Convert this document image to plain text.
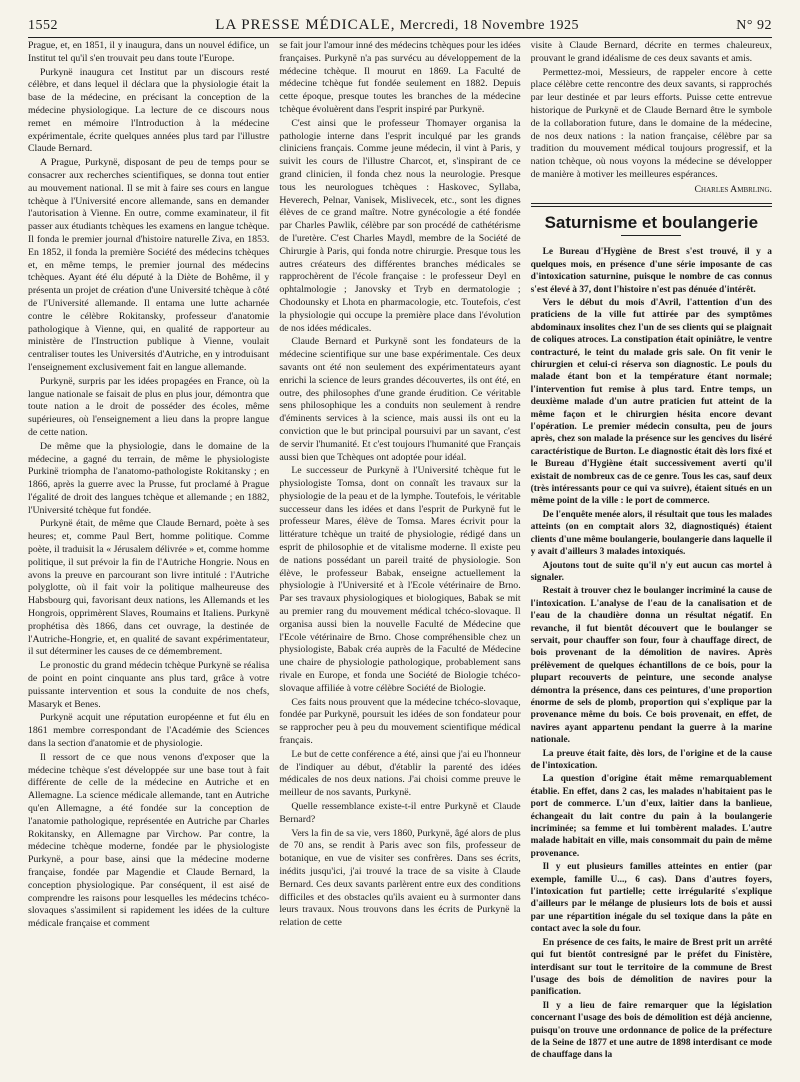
1552	LA PRESSE MÉDICALE, Mercredi, 18 Novembre 1925	N° 92

Prague, et, en 1851, il y inaugura, dans un nouvel édifice, un Institut tel qu'il s'en trouvait peu dans toute l'Europe.

Purkynë inaugura cet Institut par un discours resté célèbre, et dans lequel il déclara que la physiologie était la base de la médecine, en précisant la conception de la médecine physiologique. La lecture de ce discours nous remet en mémoire l'Introduction à la médecine expérimentale, écrite quelques années plus tard par l'illustre Claude Bernard.

A Prague, Purkynë, disposant de peu de temps pour se consacrer aux recherches scientifiques, se donna tout entier au mouvement national. Il se mit à faire ses cours en langue tchèque à l'Université encore allemande, sans en demander l'autorisation à Vienne. En outre, comme examinateur, il fit passer aux étudiants tchèques les examens en langue tchèque. Il fonda le premier journal d'histoire naturelle Ziva, en 1853. En 1852, il fonda la première Société des médecins tchèques et, en même temps, le premier journal des médecins tchèques. Ayant été élu député à la Diète de Bohême, il y présenta un projet de création d'une Université tchèque à côté de l'Université allemande. Il entama une lutte acharnée contre le célèbre Rokitansky, professeur d'anatomie pathologique à Vienne, qui, en qualité de rapporteur au ministère de l'Instruction publique à Vienne, voulait centraliser toutes les Universités d'Autriche, en y introduisant l'enseignement exclusivement fait en langue allemande.

Purkynë, surpris par les idées propagées en France, où la langue nationale se faisait de plus en plus jour, démontra que toute nation a le droit de posséder des écoles, même supérieures, où l'enseignement a lieu dans la propre langue de cette nation.

De même que la physiologie, dans le domaine de la médecine, a gagné du terrain, de même le physiologiste Purkinë triompha de l'anatomo-pathologiste Rokitansky ; en 1866, après la guerre avec la Prusse, fut proclamé à Prague l'égalité de droit des langues tchèque et allemande ; en 1882, l'Université tchèque fut fondée.

Purkynë était, de même que Claude Bernard, poète à ses heures; et, comme Paul Bert, homme politique. Comme poète, il traduisit la « Jérusalem délivrée » et, comme homme politique, il sut prévoir la fin de l'Autriche Hongrie. Nous en avons la preuve en parcourant son livre intitulé : l'Autriche polyglotte, où il fait voir la politique malheureuse des Habsbourg qui, favorisant deux nations, les Allemands et les Hongrois, opprimèrent Slaves, Roumains et Italiens. Purkynë prophétisa dès 1866, dans cet ouvrage, la destinée de l'Autriche-Hongrie, et, en qualité de savant expérimentateur, il sut déterminer les causes de ce démembrement.

Le pronostic du grand médecin tchèque Purkynë se réalisa de point en point cinquante ans plus tard, grâce à votre puissante intervention et sous la conduite de nos chefs, Masaryk et Benes.

Purkynë acquit une réputation européenne et fut élu en 1861 membre correspondant de l'Académie des Sciences dans la section d'anatomie et de physiologie.

Il ressort de ce que nous venons d'exposer que la médecine tchèque s'est développée sur une base tout à fait différente de celle de la médecine en Autriche et en Allemagne. La science médicale allemande, tant en Autriche qu'en Allemagne, a été fondée sur la conception de l'anatomie pathologique, représentée en Autriche par Charles Rokitansky, en Allemagne par Virchow. Par contre, la médecine tchèque moderne, fondée par le physiologiste Purkynë, a pour base, ainsi que la médecine moderne française, fondée par Magendie et Claude Bernard, la conception physiologique. Par conséquent, il est aisé de comprendre les raisons pour lesquelles les médecins tchéco-slovaques s'assimilent si rapidement les idées de la culture médicale française et comment

se fait jour l'amour inné des médecins tchèques pour les idées françaises. Purkynë n'a pas survécu au développement de la médecine tchèque. Il mourut en 1869. La Faculté de médecine tchèque fut fondée seulement en 1882. Depuis cette époque, presque toutes les branches de la médecine tchèque évoluèrent dans l'esprit inspiré par Purkynë.

C'est ainsi que le professeur Thomayer organisa la pathologie interne dans l'esprit inculqué par les grands cliniciens français. Comme jeune médecin, il vint à Paris, y suivit les cours de l'illustre Charcot, et, s'inspirant de ce grand clinicien, il fonda chez nous la neurologie. Presque tous les neurologues tchèques : Haskovec, Syllaba, Heverech, Pelnar, Vanisek, Mislivecek, etc., sont les dignes élèves de ce grand maître. Notre gynécologie a été fondée par Charles Pawlik, célèbre par son procédé de cathétérisme de l'uretère. C'est Charles Maydl, membre de la Société de Chirurgie à Paris, qui fonda notre chirurgie. Presque tous les autres créateurs des différentes branches médicales se rapprochèrent de l'école française : le professeur Deyl en ophtalmologie ; Janovsky et Tryb en dermatologie ; Chodounsky et Lhota en pharmacologie, etc. Toutefois, c'est la physiologie qui occupe la première place dans l'évolution de nos idées médicales.

Claude Bernard et Purkynë sont les fondateurs de la médecine scientifique sur une base expérimentale. Ces deux savants ont été non seulement des expérimentateurs ayant enrichi la science de leurs grandes découvertes, ils ont été, en outre, des philosophes d'une grande érudition. Ce véritable sens philosophique les a conduits non seulement à rendre d'éminents services à la science, mais aussi ils ont eu la conviction que le but principal poursuivi par un savant, c'est de servir l'humanité. Et c'est toujours l'humanité que Français aussi bien que Tchèques ont adoptée pour idéal.

Le successeur de Purkynë à l'Université tchèque fut le physiologiste Tomsa, dont on connaît les travaux sur la physiologie de la peau et de la lymphe. Toutefois, le véritable successeur dans les idées et dans l'esprit de Purkynë fut le professeur Mares, élève de Tomsa. Mares écrivit pour la littérature tchèque un traité de physiologie, rédigé dans un esprit de philosophie et de vitalisme moderne. Il existe peu de nations possédant un pareil traité de physiologie. Son élève, le professeur Babak, enseigne actuellement la physiologie à l'Université et à l'Ecole vétérinaire de Brno. Par ses travaux physiologiques et biologiques, Babak se mit au premier rang du mouvement médical tchéco-slovaque. Il organisa aussi bien la nouvelle Faculté de Médecine que l'Ecole vétérinaire de Brno. Chose compréhensible chez un physiologiste, Babak créa auprès de la Faculté de Médecine une chaire de physiologie pathologique, probablement sans rivale en Europe, et fonda une Société de Biologie tchéco-slovaque affiliée à votre célèbre Société de Biologie.

Ces faits nous prouvent que la médecine tchéco-slovaque, fondée par Purkynë, poursuit les idées de son fondateur pour se rapprocher peu à peu du mouvement scientifique médical français.

Le but de cette conférence a été, ainsi que j'ai eu l'honneur de l'indiquer au début, d'établir la parenté des idées médicales de nos deux nations. J'ai choisi comme preuve le meilleur de nos savants, Purkynë.

Quelle ressemblance existe-t-il entre Purkynë et Claude Bernard?

Vers la fin de sa vie, vers 1860, Purkynë, âgé alors de plus de 70 ans, se rendit à Paris avec son fils, professeur de botanique, en vue de visiter ses confrères. Dans ses écrits, inédits jusqu'ici, j'ai trouvé la trace de sa visite à Claude Bernard. Ces deux savants parlèrent entre eux des conditions difficiles et des obstacles qu'ils avaient eu à surmonter dans leurs travaux. Nous trouvons dans les écrits de Purkynë la relation de cette

visite à Claude Bernard, décrite en termes chaleureux, prouvant le grand idéalisme de ces deux savants et amis.

Permettez-moi, Messieurs, de rappeler encore à cette place célèbre cette rencontre des deux savants, si rapprochés par leur destinée et par leurs efforts. Puisse cette entrevue historique de Purkynë et de Claude Bernard être le symbole de la collaboration future, dans le domaine de la médecine, de nos deux nations : la nation française, célèbre par sa tradition du mouvement médical toujours progressif, et la nation tchèque, où nous voyons la médecine se développer de manière à motiver les meilleures espérances.

Charles Ambrling.
Saturnisme et boulangerie

Le Bureau d'Hygiène de Brest s'est trouvé, il y a quelques mois, en présence d'une série imposante de cas d'intoxication saturnine, puisque le nombre de cas connus s'est élevé à 37, dont l'histoire n'est pas dénuée d'intérêt.

Vers le début du mois d'Avril, l'attention d'un des praticiens de la ville fut attirée par des symptômes abdominaux insolites chez l'un de ses clients qui se plaignait de coliques atroces. La constipation était opiniâtre, le ventre contracturé, le teint du malade gris sale. On fit venir le chirurgien et celui-ci réserva son diagnostic. Le pouls du malade étant bon et la température étant normale; l'intervention fut remise à plus tard. Entre temps, un deuxième malade d'un autre praticien fut atteint de la même façon et le chirurgien hésita encore devant l'opération. Le premier médecin consulta, peu de jours après, chez son malade la présence sur les gencives du liséré caractéristique de Burton. Le diagnostic était dès lors fixé et le Bureau d'Hygiène était successivement averti qu'il existait de nombreux cas de ce genre. Tous les cas, sauf deux (très intéressants pour ce qui va suivre), étaient situés en un même point de la ville : le port de commerce.

De l'enquête menée alors, il résultait que tous les malades atteints (on en comptait alors 32, diagnostiqués) étaient clients d'une même boulangerie, boulangerie dans laquelle il y avait d'ailleurs 3 malades intoxiqués.

Ajoutons tout de suite qu'il n'y eut aucun cas mortel à signaler.

Restait à trouver chez le boulanger incriminé la cause de l'intoxication. L'analyse de l'eau de la canalisation et de l'eau de la chaudière donna un résultat négatif. En revanche, il fut bientôt découvert que le boulanger se servait, pour chauffer son four, four à chauffage direct, de bois provenant de la démolition de navires. Après prélèvement de quelques échantillons de ce bois, pour la plupart recouverts de peinture, une seconde analyse démontra la présence, dans ces peintures, d'une proportion énorme de sels de plomb, proportion qui s'explique par la provenance même du bois. Ce bois provenait, en effet, de navires ayant appartenu pendant la guerre à la marine nationale.

La preuve était faite, dès lors, de l'origine et de la cause de l'intoxication.

La question d'origine était même remarquablement établie. En effet, dans 2 cas, les malades n'habitaient pas le port de commerce. L'un d'eux, laitier dans la banlieue, échangeait du lait contre du pain à la boulangerie incriminée; sa femme et lui tombèrent malades. L'autre malade habitait en ville, mais consommait du pain de même provenance.

Il y eut plusieurs familles atteintes en entier (par exemple, famille U..., 6 cas). Dans d'autres foyers, l'intoxication fut partielle; cette irrégularité s'explique d'ailleurs par le mélange de plusieurs lots de bois et aussi par une répartition inégale du sel toxique dans la pâte en contact avec la sole du four.

En présence de ces faits, le maire de Brest prit un arrêté qui fut bientôt contresigné par le préfet du Finistère, interdisant sur tout le territoire de la commune de Brest l'usage des bois de démolition de navires pour la panification.

Il y a lieu de faire remarquer que la législation concernant l'usage des bois de démolition est déjà ancienne, puisqu'on trouve une ordonnance de police de la préfecture de la Seine de 1877 et une autre de 1898 interdisant ce mode de chauffage dans la
